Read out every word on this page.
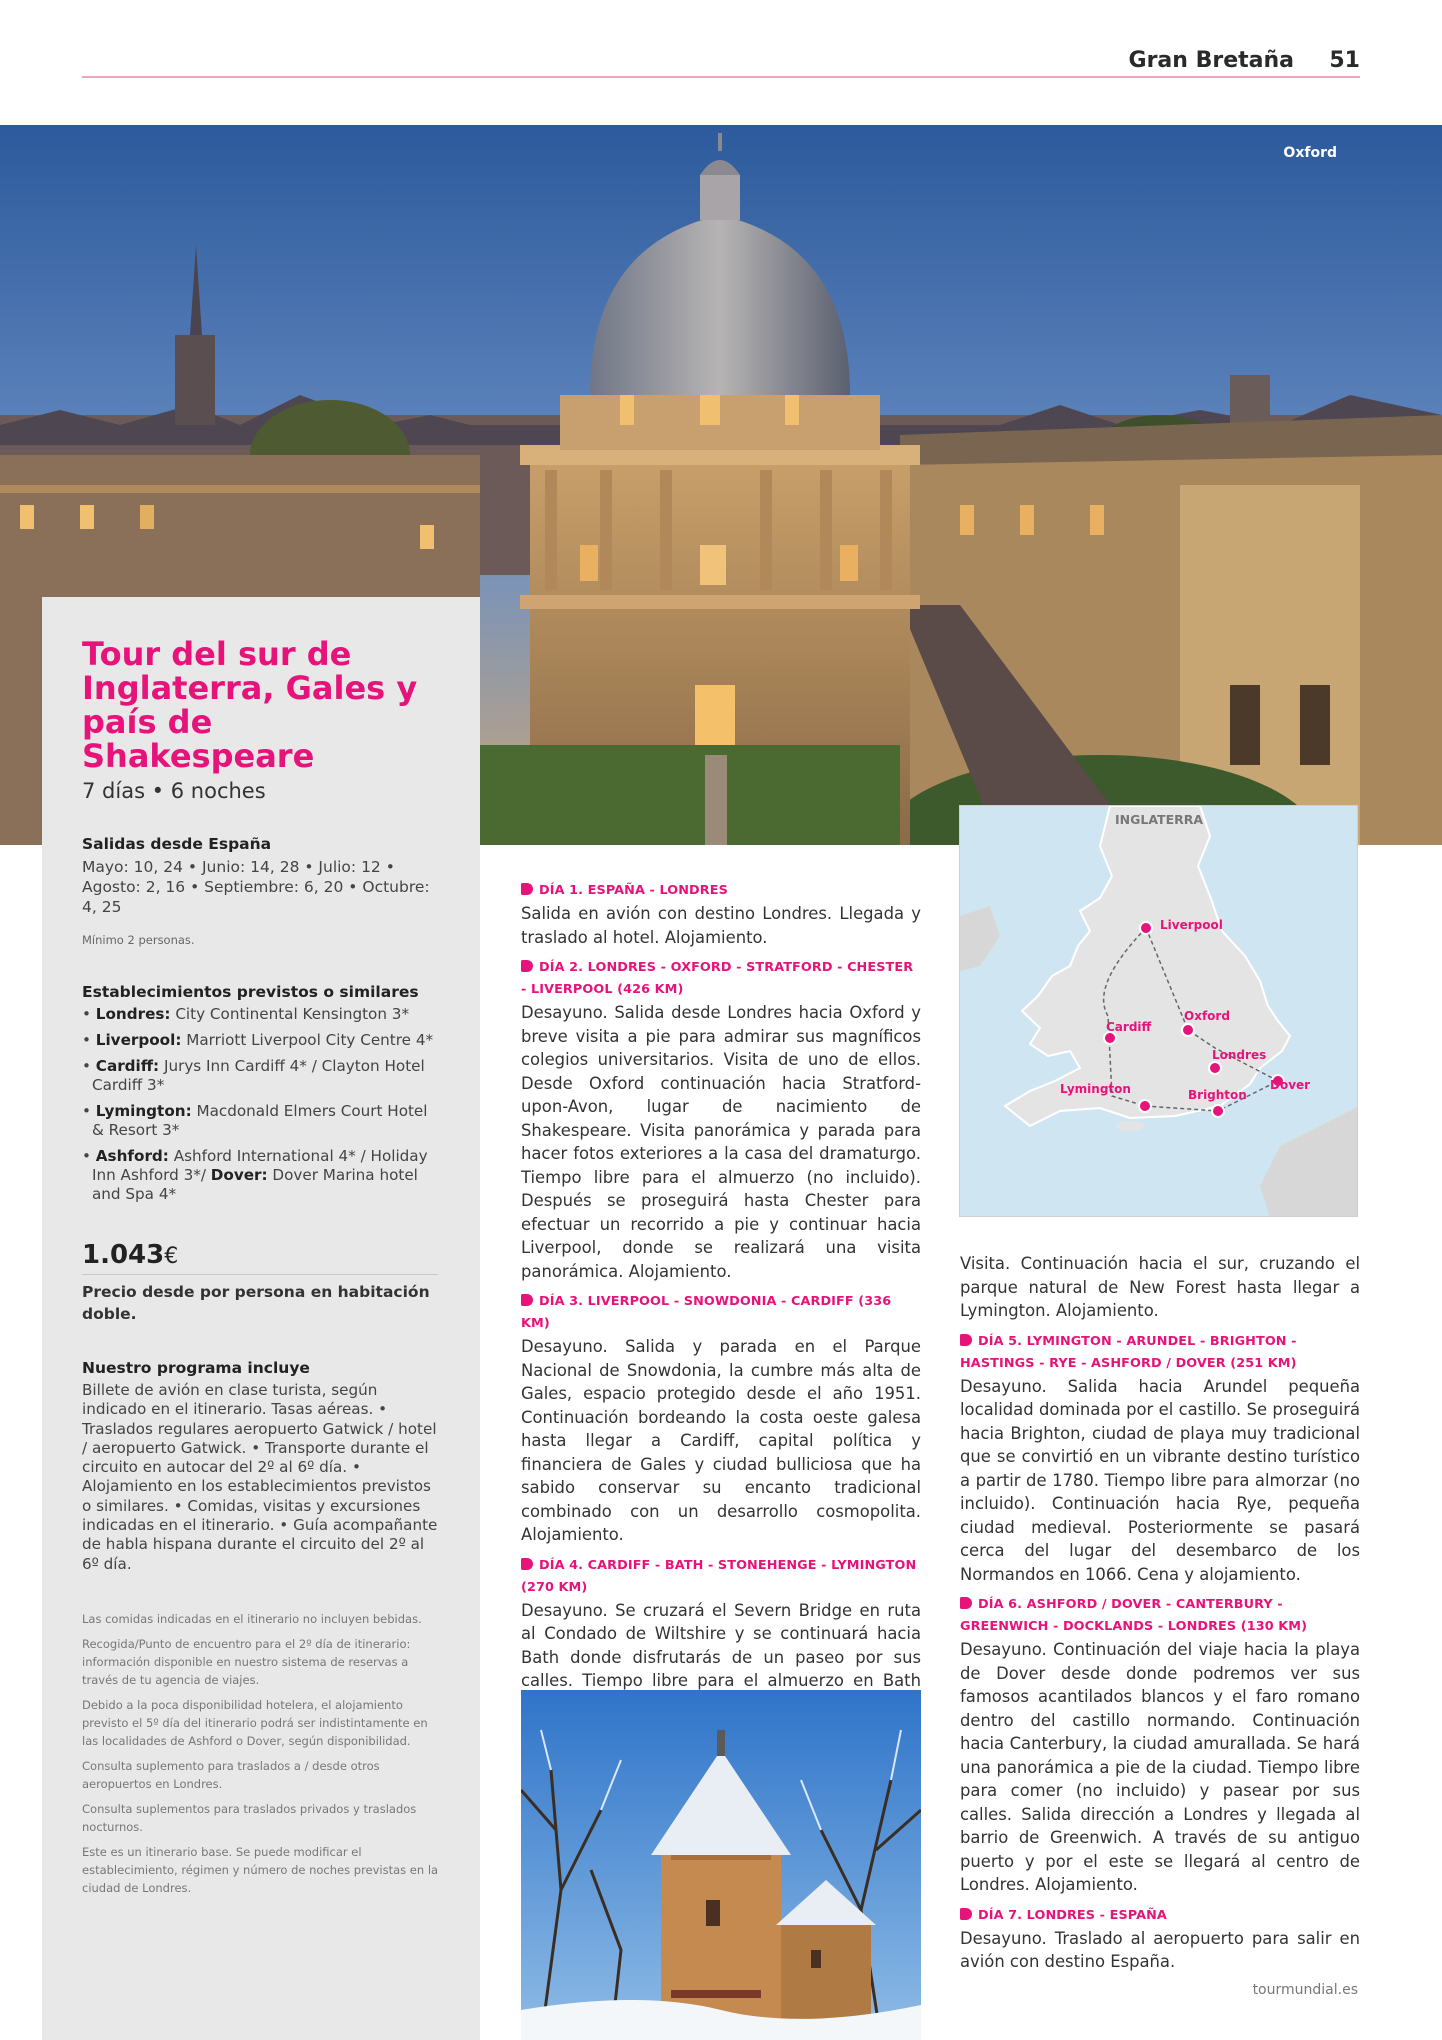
Gran Bretaña 51
Oxford
Tour del sur de Inglaterra, Gales y país de Shakespeare
7 días • 6 noches
Salidas desde España
Mayo: 10, 24 • Junio: 14, 28 • Julio: 12 • Agosto: 2, 16 • Septiembre: 6, 20 • Octubre: 4, 25
Mínimo 2 personas.
Establecimientos previstos o similares
• Londres: City Continental Kensington 3*
• Liverpool: Marriott Liverpool City Centre 4*
• Cardiff: Jurys Inn Cardiff 4* / Clayton Hotel Cardiff 3*
• Lymington: Macdonald Elmers Court Hotel & Resort 3*
• Ashford: Ashford International 4* / Holiday Inn Ashford 3*/ Dover: Dover Marina hotel and Spa 4*
1.043€
Precio desde por persona en habitación doble.
Nuestro programa incluye
Billete de avión en clase turista, según indicado en el itinerario. Tasas aéreas. • Traslados regulares aeropuerto Gatwick / hotel / aeropuerto Gatwick. • Transporte durante el circuito en autocar del 2º al 6º día. • Alojamiento en los establecimientos previstos o similares. • Comidas, visitas y excursiones indicadas en el itinerario. • Guía acompañante de habla hispana durante el circuito del 2º al 6º día.

Las comidas indicadas en el itinerario no incluyen bebidas.

Recogida/Punto de encuentro para el 2º día de itinerario: información disponible en nuestro sistema de reservas a través de tu agencia de viajes.

Debido a la poca disponibilidad hotelera, el alojamiento previsto el 5º día del itinerario podrá ser indistintamente en las localidades de Ashford o Dover, según disponibilidad.

Consulta suplemento para traslados a / desde otros aeropuertos en Londres.

Consulta suplementos para traslados privados y traslados nocturnos.

Este es un itinerario base. Se puede modificar el establecimiento, régimen y número de noches previstas en la ciudad de Londres.

DÍA 1. ESPAÑA - LONDRES
Salida en avión con destino Londres. Llegada y traslado al hotel. Alojamiento.
DÍA 2. LONDRES - OXFORD - STRATFORD - CHESTER - LIVERPOOL (426 KM)
Desayuno. Salida desde Londres hacia Oxford y breve visita a pie para admirar sus magníficos colegios universitarios. Visita de uno de ellos. Desde Oxford continuación hacia Stratford-upon-Avon, lugar de nacimiento de Shakespeare. Visita panorámica y parada para hacer fotos exteriores a la casa del dramaturgo. Tiempo libre para el almuerzo (no incluido). Después se proseguirá hasta Chester para efectuar un recorrido a pie y continuar hacia Liverpool, donde se realizará una visita panorámica. Alojamiento.
DÍA 3. LIVERPOOL - SNOWDONIA - CARDIFF (336 KM)
Desayuno. Salida y parada en el Parque Nacional de Snowdonia, la cumbre más alta de Gales, espacio protegido desde el año 1951. Continuación bordeando la costa oeste galesa hasta llegar a Cardiff, capital política y financiera de Gales y ciudad bulliciosa que ha sabido conservar su encanto tradicional combinado con un desarrollo cosmopolita. Alojamiento.
DÍA 4. CARDIFF - BATH - STONEHENGE - LYMINGTON (270 KM)
Desayuno. Se cruzará el Severn Bridge en ruta al Condado de Wiltshire y se continuará hacia Bath donde disfrutarás de un paseo por sus calles. Tiempo libre para el almuerzo en Bath
INGLATERRA
Liverpool
Oxford
Cardiff
Londres
Lymington	Brighton
Dover
Visita. Continuación hacia el sur, cruzando el parque natural de New Forest hasta llegar a Lymington. Alojamiento.
DÍA 5. LYMINGTON - ARUNDEL - BRIGHTON - HASTINGS - RYE - ASHFORD / DOVER (251 KM)
Desayuno. Salida hacia Arundel pequeña localidad dominada por el castillo. Se proseguirá hacia Brighton, ciudad de playa muy tradicional que se convirtió en un vibrante destino turístico a partir de 1780. Tiempo libre para almorzar (no incluido). Continuación hacia Rye, pequeña ciudad medieval. Posteriormente se pasará cerca del lugar del desembarco de los Normandos en 1066. Cena y alojamiento.
DÍA 6. ASHFORD / DOVER - CANTERBURY - GREENWICH - DOCKLANDS - LONDRES (130 KM)
Desayuno. Continuación del viaje hacia la playa de Dover desde donde podremos ver sus famosos acantilados blancos y el faro romano dentro del castillo normando. Continuación hacia Canterbury, la ciudad amurallada. Se hará una panorámica a pie de la ciudad. Tiempo libre para comer (no incluido) y pasear por sus calles. Salida dirección a Londres y llegada al barrio de Greenwich. A través de su antiguo puerto y por el este se llegará al centro de Londres. Alojamiento.
DÍA 7. LONDRES - ESPAÑA
Desayuno. Traslado al aeropuerto para salir en avión con destino España.
tourmundial.es
